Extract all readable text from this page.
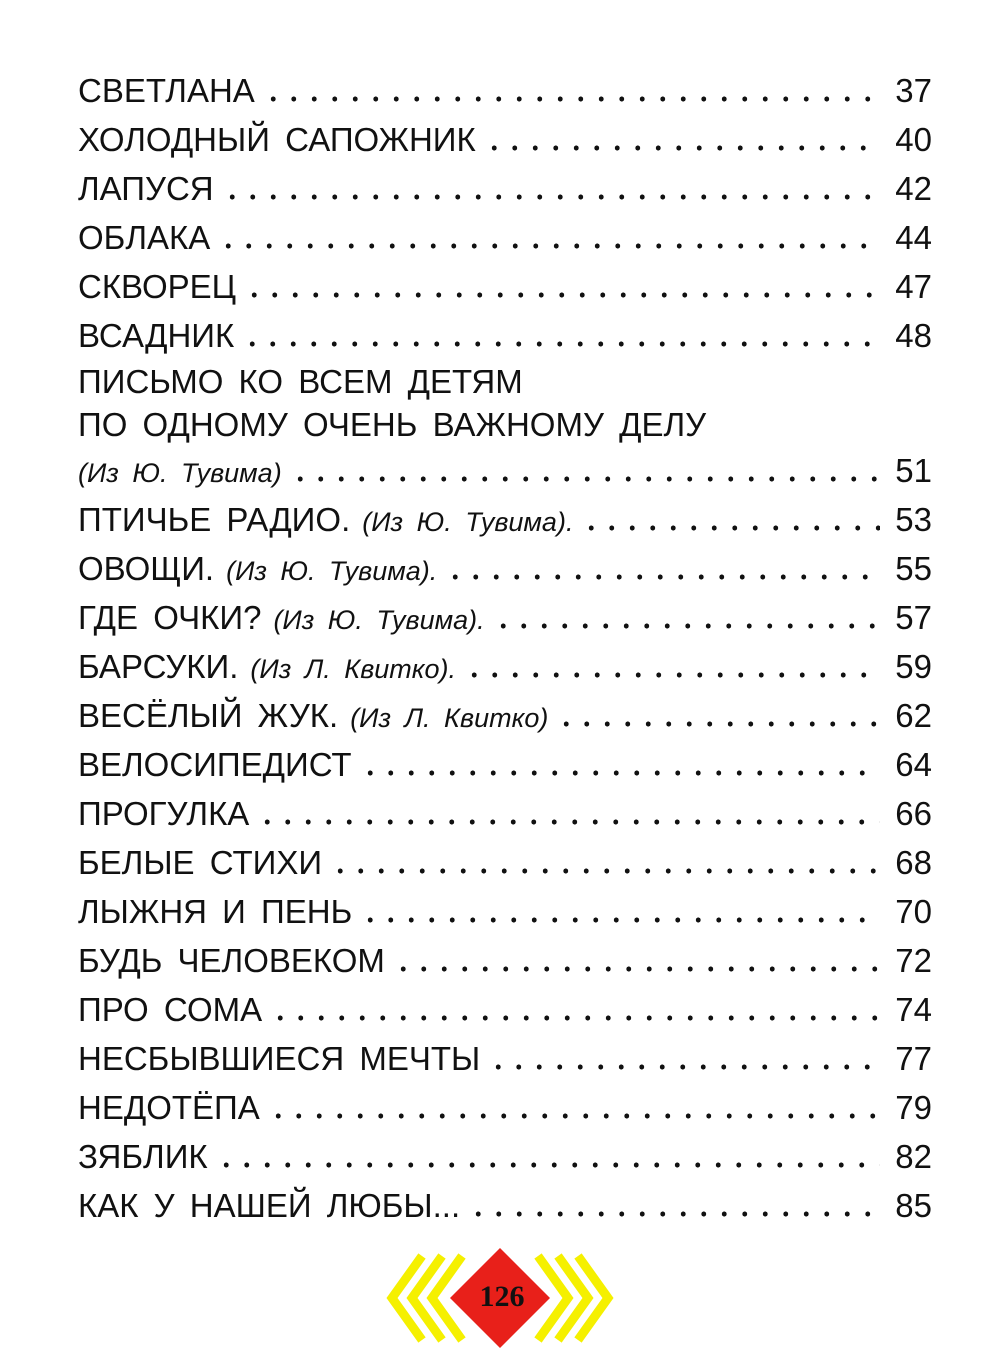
СВЕТЛАНА	37
ХОЛОДНЫЙ САПОЖНИК	40
ЛАПУСЯ	42
ОБЛАКА	44
СКВОРЕЦ	47
ВСАДНИК	48
ПИСЬМО КО ВСЕМ ДЕТЯМ
ПО ОДНОМУ ОЧЕНЬ ВАЖНОМУ ДЕЛУ
(Из Ю. Тувима)	51
ПТИЧЬЕ РАДИО. (Из Ю. Тувима).	53
ОВОЩИ. (Из Ю. Тувима).	55
ГДЕ ОЧКИ? (Из Ю. Тувима).	57
БАРСУКИ. (Из Л. Квитко).	59
ВЕСЁЛЫЙ ЖУК. (Из Л. Квитко)	62
ВЕЛОСИПЕДИСТ	64
ПРОГУЛКА	66
БЕЛЫЕ СТИХИ	68
ЛЫЖНЯ И ПЕНЬ	70
БУДЬ ЧЕЛОВЕКОМ	72
ПРО СОМА	74
НЕСБЫВШИЕСЯ МЕЧТЫ	77
НЕДОТЁПА	79
ЗЯБЛИК	82
КАК У НАШЕЙ ЛЮБЫ...	85
126
